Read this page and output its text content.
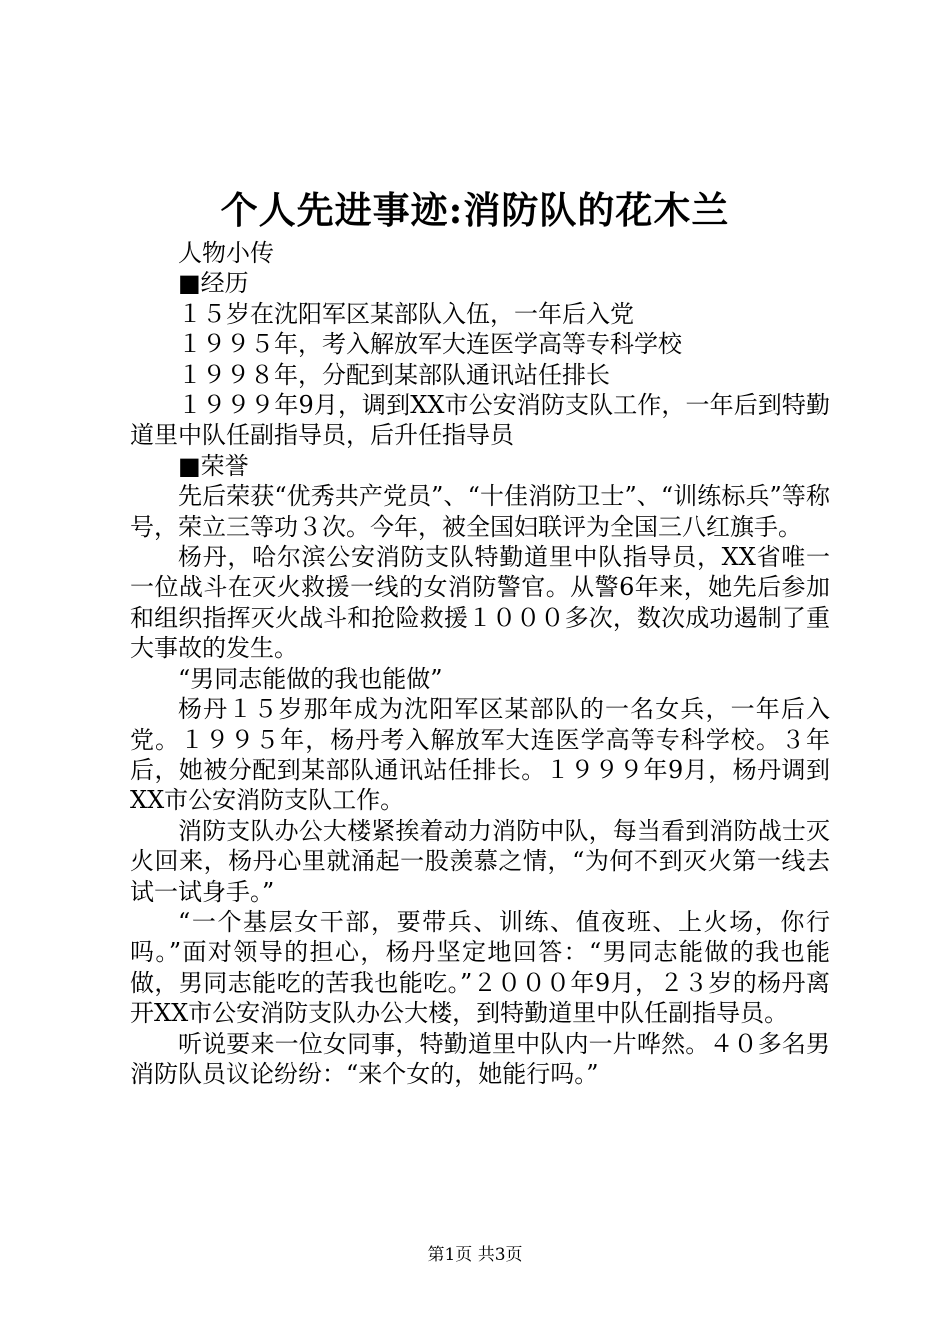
个人先进事迹:消防队的花木兰

人物小传

■经历

１５岁在沈阳军区某部队入伍，一年后入党

１９９５年，考入解放军大连医学高等专科学校

１９９８年，分配到某部队通讯站任排长

１９９９年9月，调到XX市公安消防支队工作，一年后到特勤道里中队任副指导员，后升任指导员

■荣誉

先后荣获“优秀共产党员”、“十佳消防卫士”、“训练标兵”等称号，荣立三等功３次。今年，被全国妇联评为全国三八红旗手。

杨丹，哈尔滨公安消防支队特勤道里中队指导员，XX省唯一一位战斗在灭火救援一线的女消防警官。从警6年来，她先后参加和组织指挥灭火战斗和抢险救援１０００多次，数次成功遏制了重大事故的发生。

“男同志能做的我也能做”

杨丹１５岁那年成为沈阳军区某部队的一名女兵，一年后入党。１９９５年，杨丹考入解放军大连医学高等专科学校。３年后，她被分配到某部队通讯站任排长。１９９９年9月，杨丹调到XX市公安消防支队工作。

消防支队办公大楼紧挨着动力消防中队，每当看到消防战士灭火回来，杨丹心里就涌起一股羡慕之情，“为何不到灭火第一线去试一试身手。”

“一个基层女干部，要带兵、训练、值夜班、上火场，你行吗。”面对领导的担心，杨丹坚定地回答：“男同志能做的我也能做，男同志能吃的苦我也能吃。”２０００年9月，２３岁的杨丹离开XX市公安消防支队办公大楼，到特勤道里中队任副指导员。

听说要来一位女同事，特勤道里中队内一片哗然。４０多名男消防队员议论纷纷：“来个女的，她能行吗。”

第1页 共3页
